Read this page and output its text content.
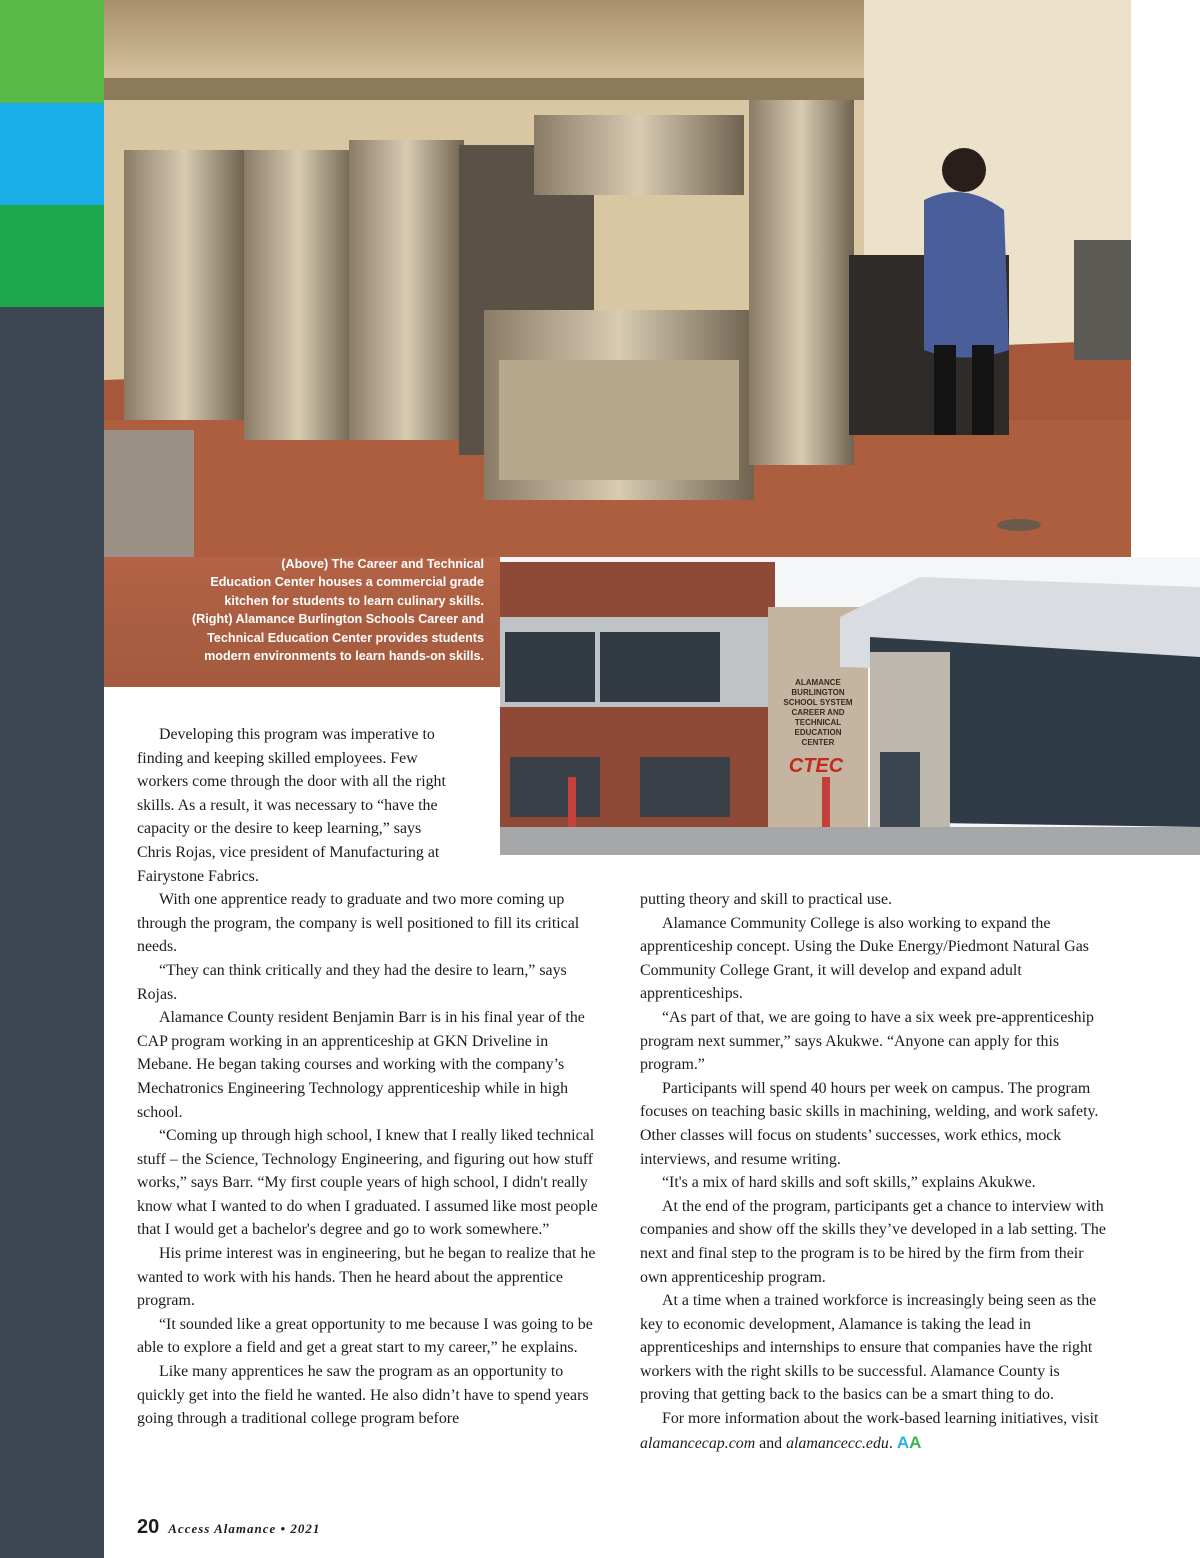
(Above) The Career and Technical
Education Center houses a commercial grade
kitchen for students to learn culinary skills.
(Right) Alamance Burlington Schools Career and
Technical Education Center provides students
modern environments to learn hands-on skills.
ALAMANCE
BURLINGTON
SCHOOL SYSTEM
CAREER AND
TECHNICAL
EDUCATION
CENTER
CTEC

Developing this program was imperative to finding and keeping skilled employees. Few workers come through the door with all the right skills. As a result, it was necessary to “have the capacity or the desire to keep learning,” says Chris Rojas, vice president of Manufacturing at Fairystone Fabrics.

With one apprentice ready to graduate and two more coming up through the program, the company is well positioned to fill its critical needs.

“They can think critically and they had the desire to learn,” says Rojas.

Alamance County resident Benjamin Barr is in his final year of the CAP program working in an apprenticeship at GKN Driveline in Mebane. He began taking courses and working with the company’s Mechatronics Engineering Technology apprenticeship while in high school.

“Coming up through high school, I knew that I really liked technical stuff – the Science, Technology Engineering, and figuring out how stuff works,” says Barr. “My first couple years of high school, I didn't really know what I wanted to do when I graduated. I assumed like most people that I would get a bachelor's degree and go to work somewhere.”

His prime interest was in engineering, but he began to realize that he wanted to work with his hands. Then he heard about the apprentice program.

“It sounded like a great opportunity to me because I was going to be able to explore a field and get a great start to my career,” he explains.

Like many apprentices he saw the program as an opportunity to quickly get into the field he wanted. He also didn’t have to spend years going through a traditional college program before

putting theory and skill to practical use.

Alamance Community College is also working to expand the apprenticeship concept. Using the Duke Energy/Piedmont Natural Gas Community College Grant, it will develop and expand adult apprenticeships.

“As part of that, we are going to have a six week pre-apprenticeship program next summer,” says Akukwe. “Anyone can apply for this program.”

Participants will spend 40 hours per week on campus. The program focuses on teaching basic skills in machining, welding, and work safety. Other classes will focus on students’ successes, work ethics, mock interviews, and resume writing.

“It's a mix of hard skills and soft skills,” explains Akukwe.

At the end of the program, participants get a chance to interview with companies and show off the skills they’ve developed in a lab setting. The next and final step to the program is to be hired by the firm from their own apprenticeship program.

At a time when a trained workforce is increasingly being seen as the key to economic development, Alamance is taking the lead in apprenticeships and internships to ensure that companies have the right workers with the right skills to be successful. Alamance County is proving that getting back to the basics can be a smart thing to do.

For more information about the work-based learning initiatives, visit alamancecap.com and alamancecc.edu. AA

20 Access Alamance • 2021
